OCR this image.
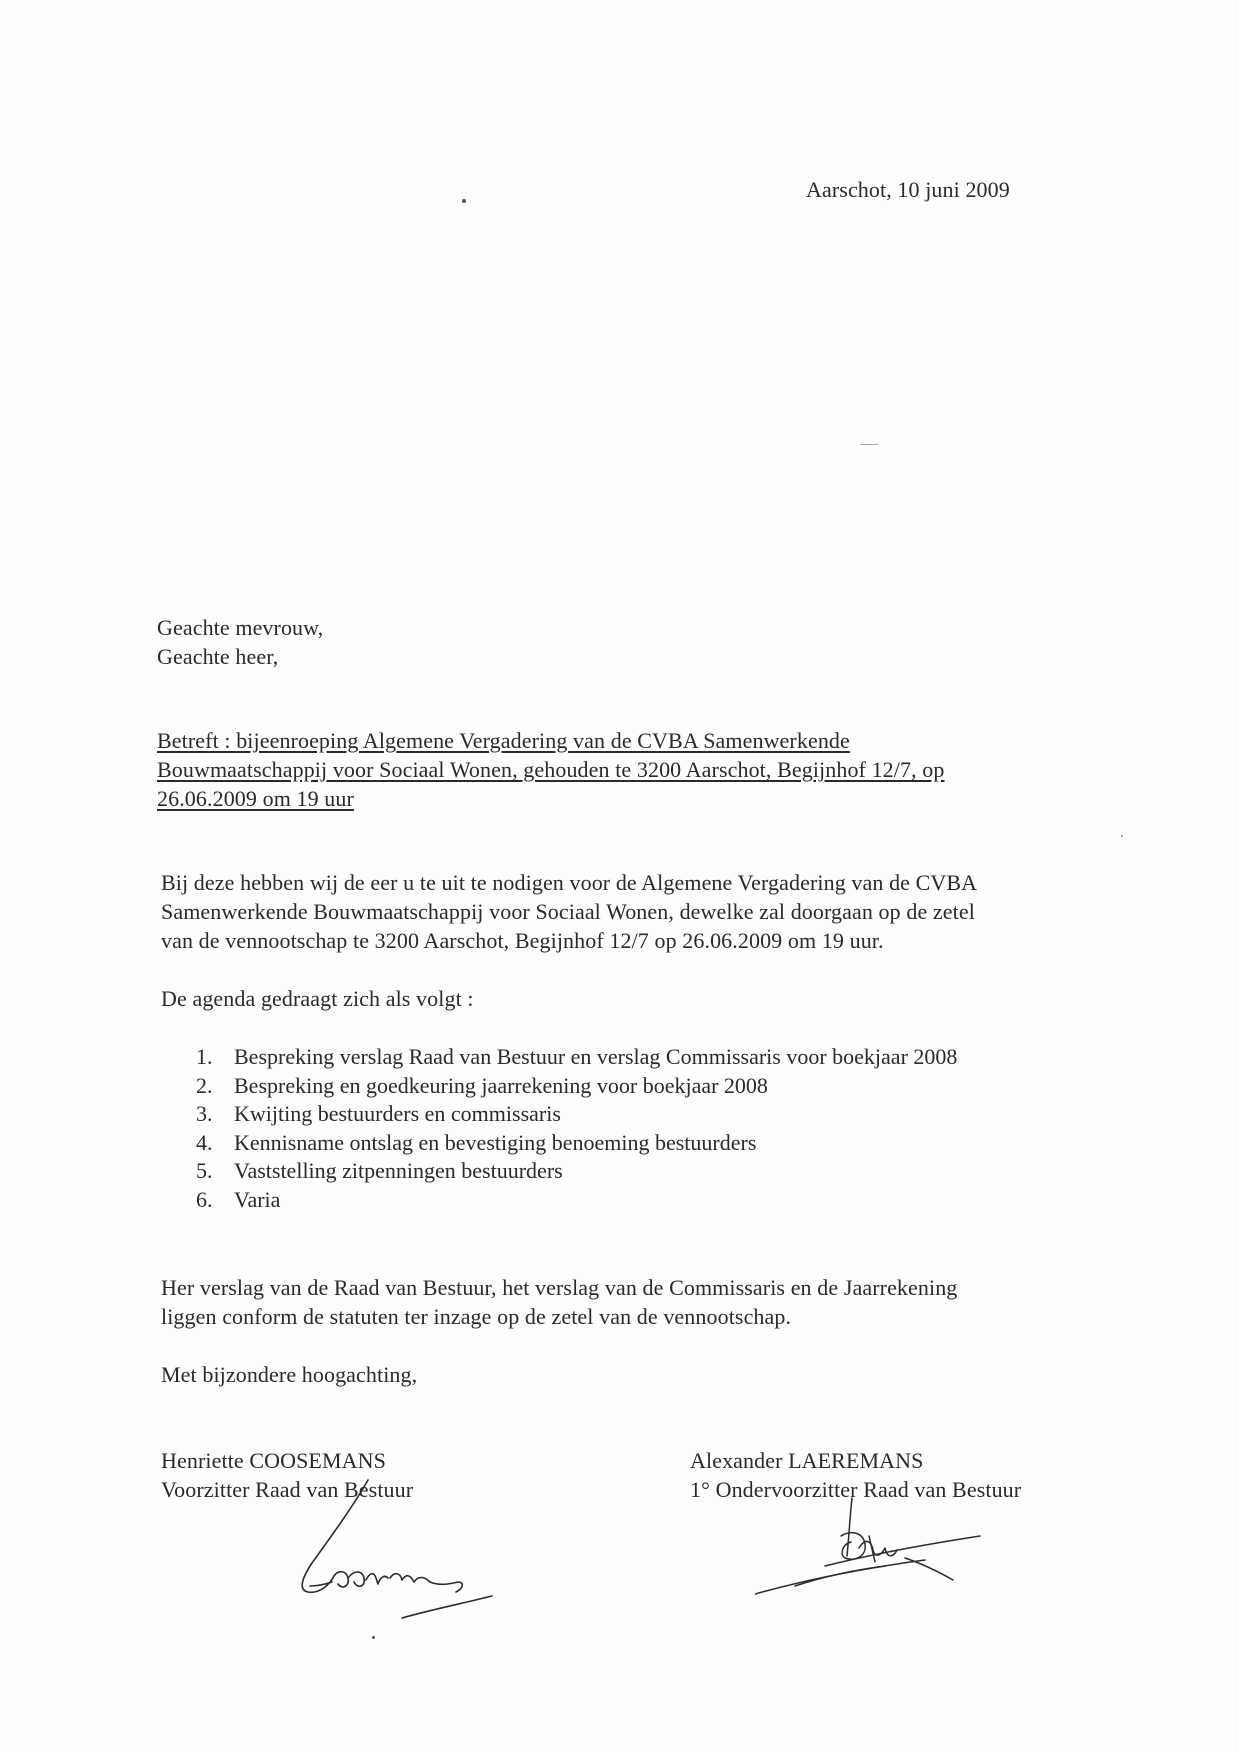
Aarschot, 10 juni 2009
Geachte mevrouw,
Geachte heer,
Betreft : bijeenroeping Algemene Vergadering van de CVBA Samenwerkende
Bouwmaatschappij voor Sociaal Wonen, gehouden te 3200 Aarschot, Begijnhof 12/7, op
26.06.2009 om 19 uur
Bij deze hebben wij de eer u te uit te nodigen voor de Algemene Vergadering van de CVBA
Samenwerkende Bouwmaatschappij voor Sociaal Wonen, dewelke zal doorgaan op de zetel
van de vennootschap te 3200 Aarschot, Begijnhof 12/7 op 26.06.2009 om 19 uur.
De agenda gedraagt zich als volgt :
1. Bespreking verslag Raad van Bestuur en verslag Commissaris voor boekjaar 2008
2. Bespreking en goedkeuring jaarrekening voor boekjaar 2008
3. Kwijting bestuurders en commissaris
4. Kennisname ontslag en bevestiging benoeming bestuurders
5. Vaststelling zitpenningen bestuurders
6. Varia
Her verslag van de Raad van Bestuur, het verslag van de Commissaris en de Jaarrekening
liggen conform de statuten ter inzage op de zetel van de vennootschap.
Met bijzondere hoogachting,
Henriette COOSEMANS
Voorzitter Raad van Bestuur
Alexander LAEREMANS
1° Ondervoorzitter Raad van Bestuur
